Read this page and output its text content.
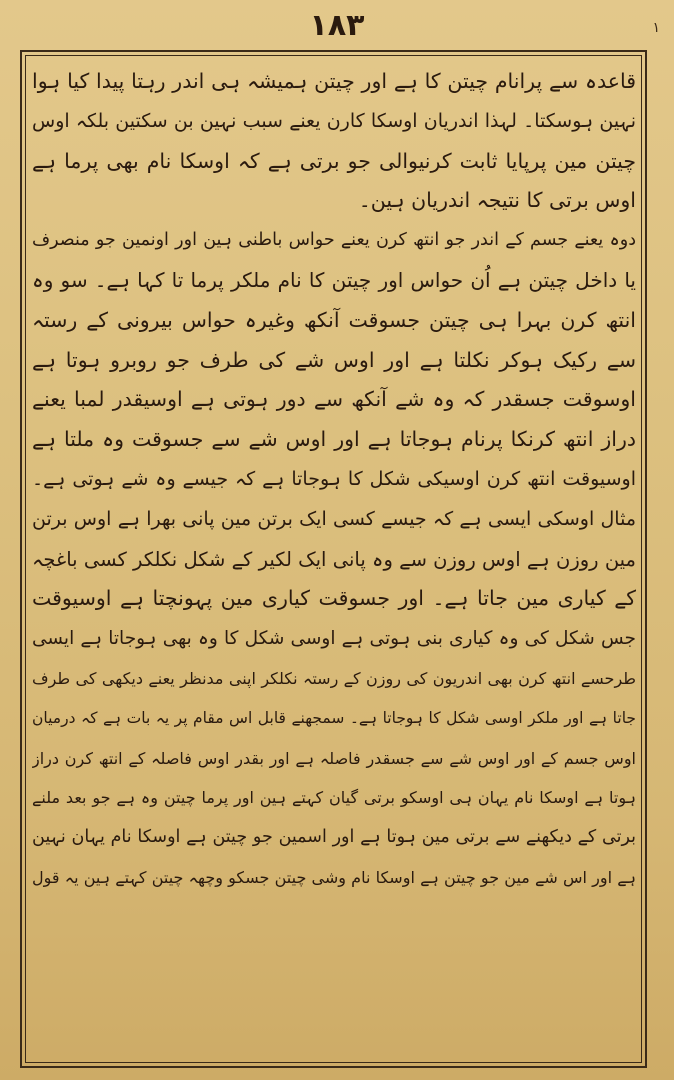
۱۸۳	۱
قاعدہ سے پرانام چیتن کا ہے اور چیتن ہمیشہ ہی اندر رہتا پیدا کیا ہوا
نہین ہوسکتا۔ لہذا اندریان اوسکا کارن یعنے سبب نہین بن سکتین بلکہ اوس
چیتن مین پرپایا ثابت کرنیوالی جو برتی ہے کہ اوسکا نام بھی پرما ہے
اوس برتی کا نتیجہ اندریان ہین۔
دوہ یعنے جسم کے اندر جو انتھ کرن یعنے حواس باطنی ہین اور اونمین جو منصرف
یا داخل چیتن ہے اُن حواس اور چیتن کا نام ملکر پرما تا کہا ہے۔ سو وہ
انتھ کرن بہرا ہی چیتن جسوقت آنکھ وغیرہ حواس بیرونی کے رستہ
سے رکیک ہوکر نکلتا ہے اور اوس شے کی طرف جو روبرو ہوتا ہے
اوسوقت جسقدر کہ وہ شے آنکھ سے دور ہوتی ہے اوسیقدر لمبا یعنے
دراز انتھ کرنکا پرنام ہوجاتا ہے اور اوس شے سے جسوقت وہ ملتا ہے
اوسیوقت انتھ کرن اوسیکی شکل کا ہوجاتا ہے کہ جیسے وہ شے ہوتی ہے۔
مثال اوسکی ایسی ہے کہ جیسے کسی ایک برتن مین پانی بھرا ہے اوس برتن
مین روزن ہے اوس روزن سے وہ پانی ایک لکیر کے شکل نکلکر کسی باغچہ
کے کیاری مین جاتا ہے۔ اور جسوقت کیاری مین پہونچتا ہے اوسیوقت
جس شکل کی وہ کیاری بنی ہوتی ہے اوسی شکل کا وہ بھی ہوجاتا ہے ایسی
طرحسے انتھ کرن بھی اندریون کی روزن کے رستہ نکلکر اپنی مدنظر یعنے دیکھی کی طرف
جاتا ہے اور ملکر اوسی شکل کا ہوجاتا ہے۔ سمجھنے قابل اس مقام پر یہ بات ہے کہ درمیان
اوس جسم کے اور اوس شے سے جسقدر فاصلہ ہے اور بقدر اوس فاصلہ کے انتھ کرن دراز
ہوتا ہے اوسکا نام یہان ہی اوسکو برتی گیان کہتے ہین اور پرما چیتن وہ ہے جو بعد ملنے
برتی کے دیکھنے سے برتی مین ہوتا ہے اور اسمین جو چیتن ہے اوسکا نام یہان نہین
ہے اور اس شے مین جو چیتن ہے اوسکا نام وشی چیتن جسکو وچھہ چیتن کہتے ہین یہ قول
